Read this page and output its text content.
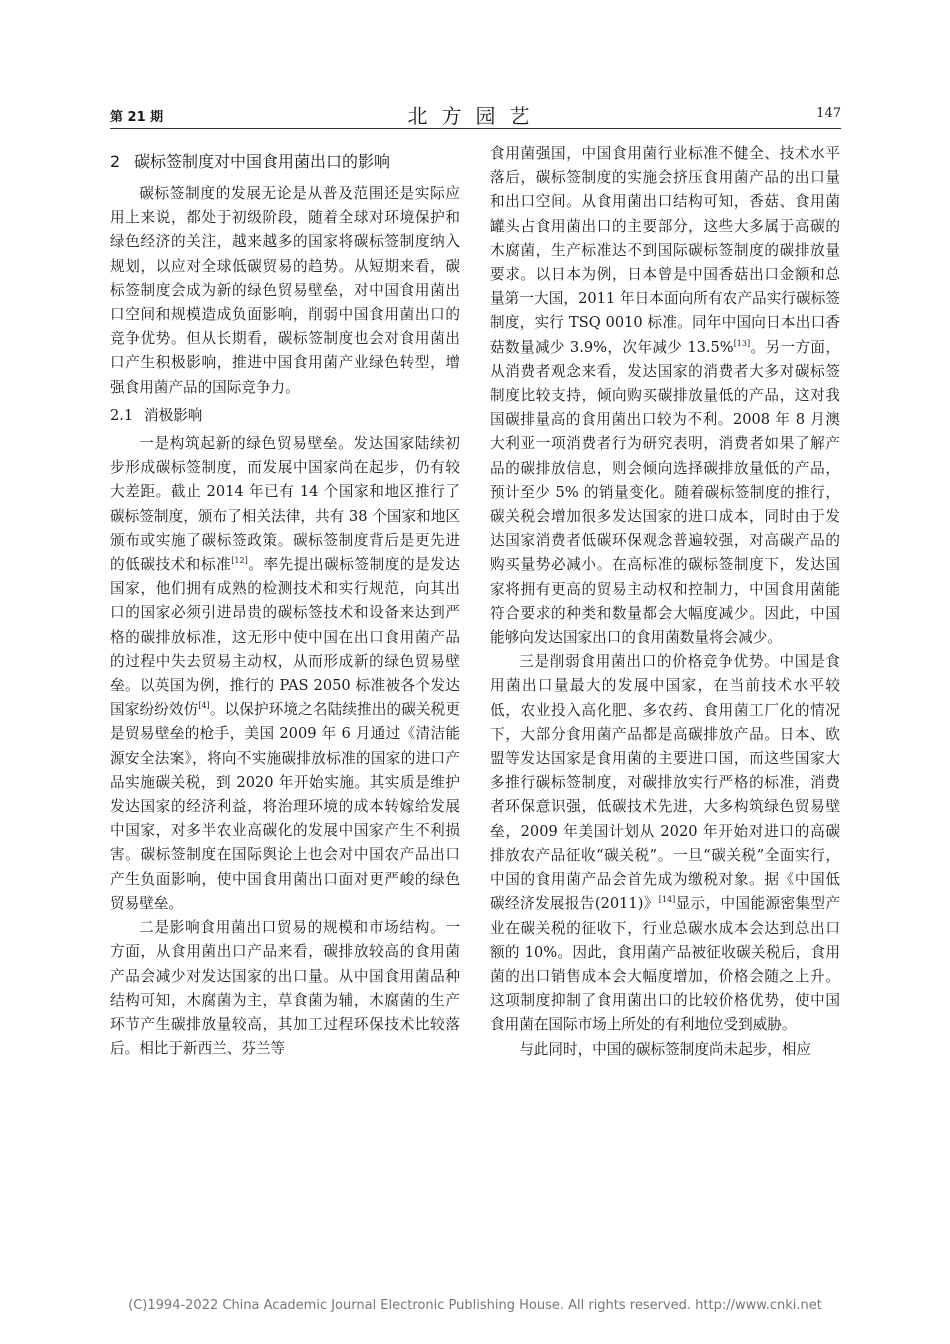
第 21 期	北方园艺	147
2 碳标签制度对中国食用菌出口的影响

碳标签制度的发展无论是从普及范围还是实际应用上来说，都处于初级阶段，随着全球对环境保护和绿色经济的关注，越来越多的国家将碳标签制度纳入规划，以应对全球低碳贸易的趋势。从短期来看，碳标签制度会成为新的绿色贸易壁垒，对中国食用菌出口空间和规模造成负面影响，削弱中国食用菌出口的竞争优势。但从长期看，碳标签制度也会对食用菌出口产生积极影响，推进中国食用菌产业绿色转型，增强食用菌产品的国际竞争力。

2.1 消极影响

一是构筑起新的绿色贸易壁垒。发达国家陆续初步形成碳标签制度，而发展中国家尚在起步，仍有较大差距。截止 2014 年已有 14 个国家和地区推行了碳标签制度，颁布了相关法律，共有 38 个国家和地区颁布或实施了碳标签政策。碳标签制度背后是更先进的低碳技术和标准[12]。率先提出碳标签制度的是发达国家，他们拥有成熟的检测技术和实行规范，向其出口的国家必须引进昂贵的碳标签技术和设备来达到严格的碳排放标准，这无形中使中国在出口食用菌产品的过程中失去贸易主动权，从而形成新的绿色贸易壁垒。以英国为例，推行的 PAS 2050 标准被各个发达国家纷纷效仿[4]。以保护环境之名陆续推出的碳关税更是贸易壁垒的枪手，美国 2009 年 6 月通过《清洁能源安全法案》，将向不实施碳排放标准的国家的进口产品实施碳关税，到 2020 年开始实施。其实质是维护发达国家的经济利益，将治理环境的成本转嫁给发展中国家，对多半农业高碳化的发展中国家产生不利损害。碳标签制度在国际舆论上也会对中国农产品出口产生负面影响，使中国食用菌出口面对更严峻的绿色贸易壁垒。

二是影响食用菌出口贸易的规模和市场结构。一方面，从食用菌出口产品来看，碳排放较高的食用菌产品会减少对发达国家的出口量。从中国食用菌品种结构可知，木腐菌为主，草食菌为辅，木腐菌的生产环节产生碳排放量较高，其加工过程环保技术比较落后。相比于新西兰、芬兰等

食用菌强国，中国食用菌行业标准不健全、技术水平落后，碳标签制度的实施会挤压食用菌产品的出口量和出口空间。从食用菌出口结构可知，香菇、食用菌罐头占食用菌出口的主要部分，这些大多属于高碳的木腐菌，生产标准达不到国际碳标签制度的碳排放量要求。以日本为例，日本曾是中国香菇出口金额和总量第一大国，2011 年日本面向所有农产品实行碳标签制度，实行 TSQ 0010 标准。同年中国向日本出口香菇数量减少 3.9%，次年减少 13.5%[13]。另一方面，从消费者观念来看，发达国家的消费者大多对碳标签制度比较支持，倾向购买碳排放量低的产品，这对我国碳排量高的食用菌出口较为不利。2008 年 8 月澳大利亚一项消费者行为研究表明，消费者如果了解产品的碳排放信息，则会倾向选择碳排放量低的产品，预计至少 5% 的销量变化。随着碳标签制度的推行，碳关税会增加很多发达国家的进口成本，同时由于发达国家消费者低碳环保观念普遍较强，对高碳产品的购买量势必减小。在高标准的碳标签制度下，发达国家将拥有更高的贸易主动权和控制力，中国食用菌能符合要求的种类和数量都会大幅度减少。因此，中国能够向发达国家出口的食用菌数量将会减少。

三是削弱食用菌出口的价格竞争优势。中国是食用菌出口量最大的发展中国家，在当前技术水平较低，农业投入高化肥、多农药、食用菌工厂化的情况下，大部分食用菌产品都是高碳排放产品。日本、欧盟等发达国家是食用菌的主要进口国，而这些国家大多推行碳标签制度，对碳排放实行严格的标准，消费者环保意识强，低碳技术先进，大多构筑绿色贸易壁垒，2009 年美国计划从 2020 年开始对进口的高碳排放农产品征收“碳关税”。一旦“碳关税”全面实行，中国的食用菌产品会首先成为缴税对象。据《中国低碳经济发展报告(2011)》[14]显示，中国能源密集型产业在碳关税的征收下，行业总碳水成本会达到总出口额的 10%。因此，食用菌产品被征收碳关税后，食用菌的出口销售成本会大幅度增加，价格会随之上升。这项制度抑制了食用菌出口的比较价格优势，使中国食用菌在国际市场上所处的有利地位受到威胁。

与此同时，中国的碳标签制度尚未起步，相应

(C)1994-2022 China Academic Journal Electronic Publishing House. All rights reserved. http://www.cnki.net
